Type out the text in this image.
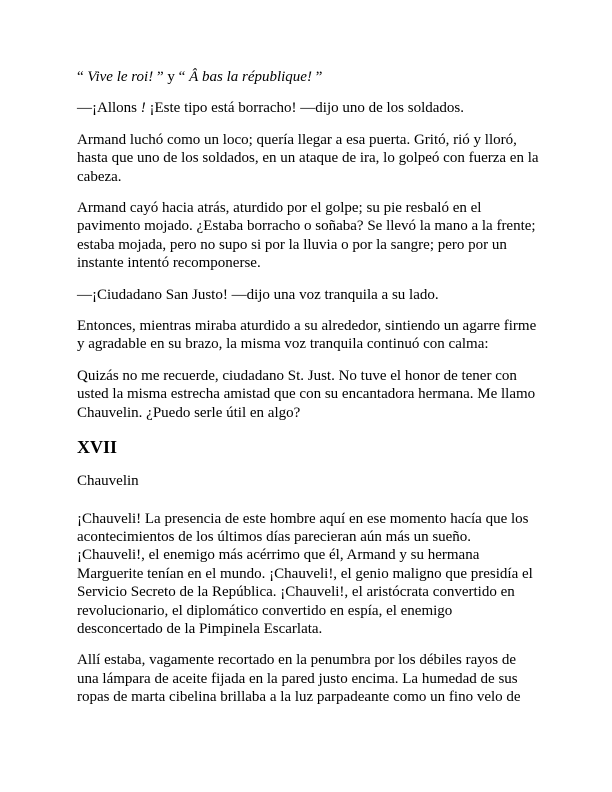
“ Vive le roi! ” y “ Â bas la république! ”

—¡Allons ! ¡Este tipo está borracho! —dijo uno de los soldados.

Armand luchó como un loco; quería llegar a esa puerta. Gritó, rió y lloró, hasta que uno de los soldados, en un ataque de ira, lo golpeó con fuerza en la cabeza.

Armand cayó hacia atrás, aturdido por el golpe; su pie resbaló en el pavimento mojado. ¿Estaba borracho o soñaba? Se llevó la mano a la frente; estaba mojada, pero no supo si por la lluvia o por la sangre; pero por un instante intentó recomponerse.

—¡Ciudadano San Justo! —dijo una voz tranquila a su lado.

Entonces, mientras miraba aturdido a su alrededor, sintiendo un agarre firme y agradable en su brazo, la misma voz tranquila continuó con calma:

Quizás no me recuerde, ciudadano St. Just. No tuve el honor de tener con usted la misma estrecha amistad que con su encantadora hermana. Me llamo Chauvelin. ¿Puedo serle útil en algo?

XVII

Chauvelin

¡Chauveli! La presencia de este hombre aquí en ese momento hacía que los acontecimientos de los últimos días parecieran aún más un sueño. ¡Chauveli!, el enemigo más acérrimo que él, Armand y su hermana Marguerite tenían en el mundo. ¡Chauveli!, el genio maligno que presidía el Servicio Secreto de la República. ¡Chauveli!, el aristócrata convertido en revolucionario, el diplomático convertido en espía, el enemigo desconcertado de la Pimpinela Escarlata.

Allí estaba, vagamente recortado en la penumbra por los débiles rayos de una lámpara de aceite fijada en la pared justo encima. La humedad de sus ropas de marta cibelina brillaba a la luz parpadeante como un fino velo de
